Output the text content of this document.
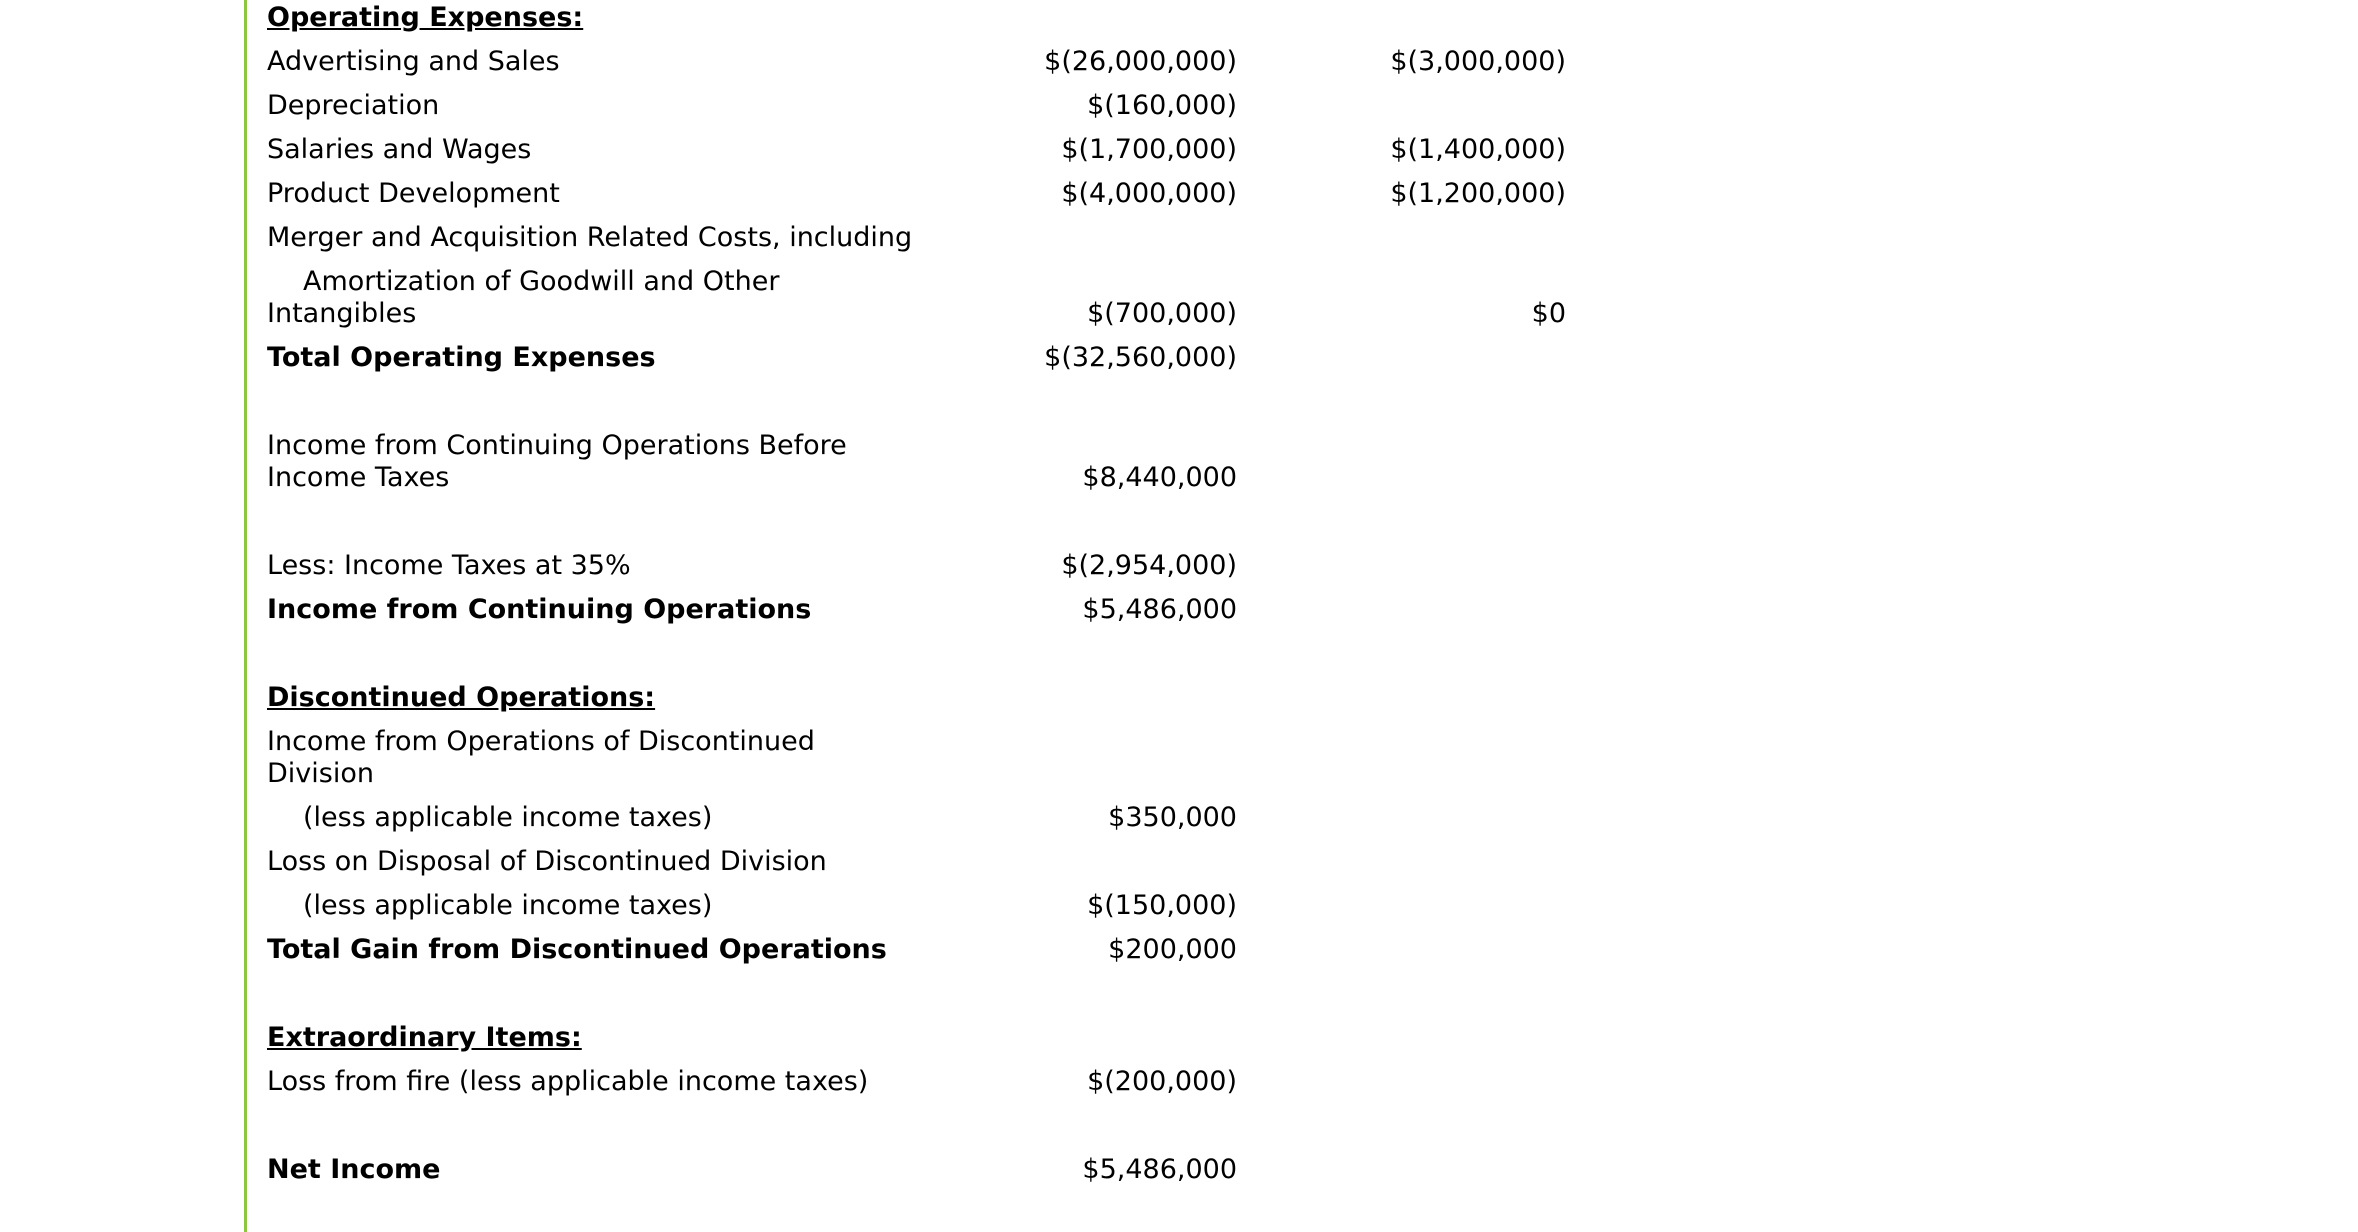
Operating Expenses:
Advertising and Sales	$(26,000,000)	$(3,000,000)
Depreciation	$(160,000)
Salaries and Wages	$(1,700,000)	$(1,400,000)
Product Development	$(4,000,000)	$(1,200,000)
Merger and Acquisition Related Costs, including
Amortization of Goodwill and Other
Intangibles	$(700,000)	$0
Total Operating Expenses	$(32,560,000)
Income from Continuing Operations Before
Income Taxes	$8,440,000
Less: Income Taxes at 35%	$(2,954,000)
Income from Continuing Operations	$5,486,000
Discontinued Operations:
Income from Operations of Discontinued
Division
(less applicable income taxes)	$350,000
Loss on Disposal of Discontinued Division
(less applicable income taxes)	$(150,000)
Total Gain from Discontinued Operations	$200,000
Extraordinary Items:
Loss from fire (less applicable income taxes)	$(200,000)
Net Income	$5,486,000
